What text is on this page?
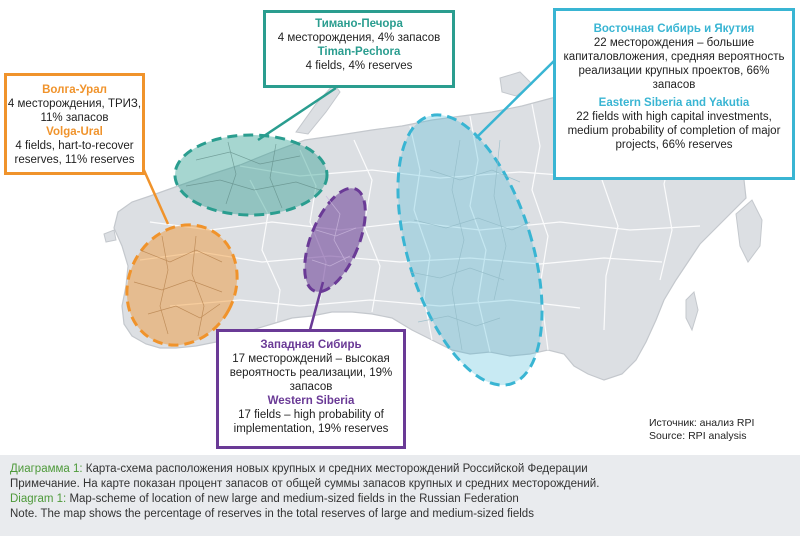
Волга-Урал
4 месторождения, ТРИЗ, 11% запасов
Volga-Ural
4 fields, hart-to-recover reserves, 11% reserves
Тимано-Печора
4 месторождения, 4% запасов
Timan-Pechora
4 fields, 4% reserves
Восточная Сибирь и Якутия
22 месторождения – большие капиталовложения, средняя вероятность реализации крупных проектов, 66% запасов
Eastern Siberia and Yakutia
22 fields with high capital investments, medium probability of completion of major projects, 66% reserves
Западная Сибирь
17 месторождений – высокая вероятность реализации, 19% запасов
Western Siberia
17 fields – high probability of implementation, 19% reserves	Источник: анализ RPI
Source: RPI analysis
Диаграмма 1: Карта-схема расположения новых крупных и средних месторождений Российской Федерации
Примечание. На карте показан процент запасов от общей суммы запасов крупных и средних месторождений.
Diagram 1: Map-scheme of location of new large and medium-sized fields in the Russian Federation
Note. The map shows the percentage of reserves in the total reserves of large and medium-sized fields
